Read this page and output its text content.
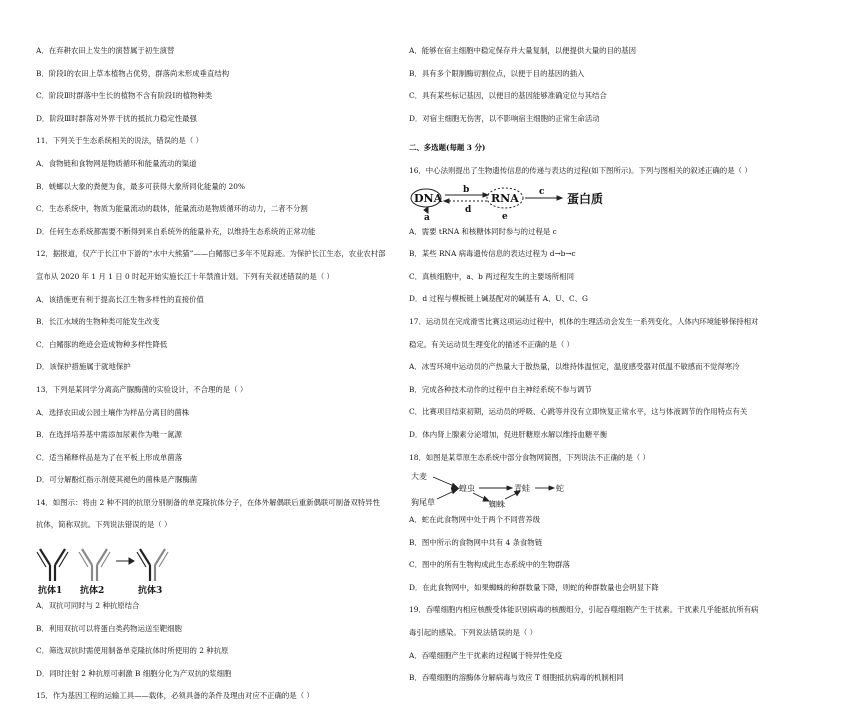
A．在弃耕农田上发生的演替属于初生演替
B．阶段Ⅰ的农田上草本植物占优势，群落尚未形成垂直结构
C．阶段Ⅱ时群落中生长的植物不含有阶段Ⅰ的植物种类
D．阶段Ⅲ时群落对外界干扰的抵抗力稳定性最强
11．下列关于生态系统相关的说法，错误的是（ ）
A．食物链和食物网是物质循环和能量流动的渠道
B．蜣螂以大象的粪便为食，最多可获得大象所同化能量的 20%
C．生态系统中，物质为能量流动的载体，能量流动是物质循环的动力，二者不分割
D．任何生态系统都需要不断得到来自系统外的能量补充，以维持生态系统的正常功能
12．据报道，仅产于长江中下游的“水中大熊猫”——白鳍豚已多年不见踪迹。为保护长江生态，农业农村部
宣布从 2020 年 1 月 1 日 0 时起开始实施长江十年禁渔计划。下列有关叙述错误的是（ ）
A．该措施更有利于提高长江生物多样性的直接价值
B．长江水域的生物种类可能发生改变
C．白鳍豚的绝迹会造成物种多样性降低
D．该保护措施属于就地保护
13．下列是某同学分离高产脲酶菌的实验设计，不合理的是（ ）
A．选择农田或公园土壤作为样品分离目的菌株
B．在选择培养基中需添加尿素作为唯一氮源
C．适当稀释样品是为了在平板上形成单菌落
D．可分解酚红指示剂使其褪色的菌株是产脲酶菌
14．如图示：将由 2 种不同的抗原分别制备的单克隆抗体分子，在体外解偶联后重新偶联可制备双特异性
抗体，简称双抗。下列说法错误的是（ ）
抗体1 抗体2	抗体3
A．双抗可同时与 2 种抗原结合
B．利用双抗可以将蛋白类药物运送至靶细胞
C．筛选双抗时需使用制备单克隆抗体时所使用的 2 种抗原
D．同时注射 2 种抗原可刺激 B 细胞分化为产双抗的浆细胞
15．作为基因工程的运输工具——载体，必须具备的条件及理由对应不正确的是（ ）
A．能够在宿主细胞中稳定保存并大量复制，以便提供大量的目的基因
B．具有多个限制酶切割位点，以便于目的基因的插入
C．具有某些标记基因，以便目的基因能够准确定位与其结合
D．对宿主细胞无伤害，以不影响宿主细胞的正常生命活动
二、多选题(每题 3 分)
16．中心法则提出了生物遗传信息的传递与表达的过程(如下图所示)。下列与图相关的叙述正确的是（ ）
DNA	RNA	蛋白质
a
b	c
d
e
A．需要 tRNA 和核糖体同时参与的过程是 c
B．某些 RNA 病毒遗传信息的表达过程为 d→b→c
C．真核细胞中，a、b 两过程发生的主要场所相同
D．d 过程与模板链上碱基配对的碱基有 A、U、C、G
17．运动员在完成滑雪比赛这项运动过程中，机体的生理活动会发生一系列变化，人体内环境能够保持相对
稳定。有关运动员生理变化的描述不正确的是（ ）
A．冰雪环境中运动员的产热量大于散热量，以维持体温恒定，温度感受器对低温不敏感而不觉得寒冷
B．完成各种技术动作的过程中自主神经系统不参与调节
C．比赛项目结束初期，运动员的呼吸、心跳等并没有立即恢复正常水平，这与体液调节的作用特点有关
D．体内肾上腺素分泌增加，促进肝糖原水解以维持血糖平衡
18．如图是某草原生态系统中部分食物网简图，下列说法不正确的是（ ）
大麦
狗尾草
蝗虫	青蛙	蛇
蜘蛛
A．蛇在此食物网中处于两个不同营养级
B．图中所示的食物网中共有 4 条食物链
C．图中的所有生物构成此生态系统中的生物群落
D．在此食物网中，如果蜘蛛的种群数量下降，则蛇的种群数量也会明显下降
19．吞噬细胞内相应核酸受体能识别病毒的核酸组分，引起吞噬细胞产生干扰素。干扰素几乎能抵抗所有病
毒引起的感染。下列说法错误的是（ ）
A．吞噬细胞产生干扰素的过程属于特异性免疫
B．吞噬细胞的溶酶体分解病毒与效应 T 细胞抵抗病毒的机制相同
